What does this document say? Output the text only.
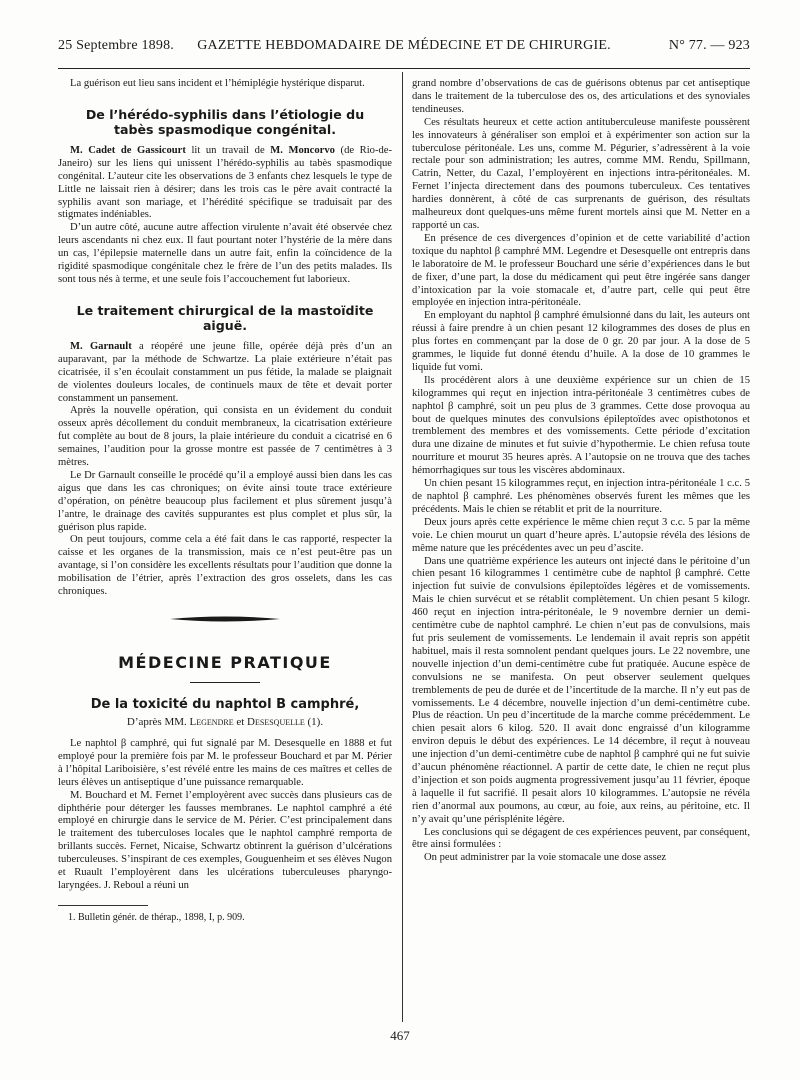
25 Septembre 1898.	GAZETTE HEBDOMADAIRE DE MÉDECINE ET DE CHIRURGIE.	N° 77. — 923

La guérison eut lieu sans incident et l’hémiplégie hystérique disparut.

De l’hérédo-syphilis dans l’étiologie du tabès spasmodique congénital.

M. Cadet de Gassicourt lit un travail de M. Moncorvo (de Rio-de-Janeiro) sur les liens qui unissent l’hérédo-syphilis au tabès spasmodique congénital. L’auteur cite les observations de 3 enfants chez lesquels le type de Little ne laissait rien à désirer; dans les trois cas le père avait contracté la syphilis avant son mariage, et l’hérédité spécifique se traduisait par des stigmates indéniables.

D’un autre côté, aucune autre affection virulente n’avait été observée chez leurs ascendants ni chez eux. Il faut pourtant noter l’hystérie de la mère dans un cas, l’épilepsie maternelle dans un autre fait, enfin la coïncidence de la rigidité spasmodique congénitale chez le frère de l’un des petits malades. Ils sont tous nés à terme, et une seule fois l’accouchement fut laborieux.

Le traitement chirurgical de la mastoïdite aiguë.

M. Garnault a réopéré une jeune fille, opérée déjà près d’un an auparavant, par la méthode de Schwartze. La plaie extérieure n’était pas cicatrisée, il s’en écoulait constamment un pus fétide, la malade se plaignait de violentes douleurs locales, de continuels maux de tête et devait porter constamment un pansement.

Après la nouvelle opération, qui consista en un évidement du conduit osseux après décollement du conduit membraneux, la cicatrisation extérieure fut complète au bout de 8 jours, la plaie intérieure du conduit a cicatrisé en 6 semaines, l’audition pour la grosse montre est passée de 7 centimètres à 3 mètres.

Le Dr Garnault conseille le procédé qu’il a employé aussi bien dans les cas aigus que dans les cas chroniques; on évite ainsi toute trace extérieure d’opération, on pénètre beaucoup plus facilement et plus sûrement jusqu’à l’antre, le drainage des cavités suppurantes est plus complet et plus sûr, la guérison plus rapide.

On peut toujours, comme cela a été fait dans le cas rapporté, respecter la caisse et les organes de la transmission, mais ce n’est peut-être pas un avantage, si l’on considère les excellents résultats pour l’audition que donne la mobilisation de l’étrier, après l’extraction des gros osselets, dans les cas chroniques.

MÉDECINE PRATIQUE
De la toxicité du naphtol B camphré,
D’après MM. Legendre et Desesquelle (1).

Le naphtol β camphré, qui fut signalé par M. Desesquelle en 1888 et fut employé pour la première fois par M. le professeur Bouchard et par M. Périer à l’hôpital Lariboisière, s’est révélé entre les mains de ces maîtres et celles de leurs élèves un antiseptique d’une puissance remarquable.

M. Bouchard et M. Fernet l’employèrent avec succès dans plusieurs cas de diphthérie pour déterger les fausses membranes. Le naphtol camphré a été employé en chirurgie dans le service de M. Périer. C’est principalement dans le traitement des tuberculoses locales que le naphtol camphré remporta de brillants succès. Fernet, Nicaise, Schwartz obtinrent la guérison d’ulcérations tuberculeuses. S’inspirant de ces exemples, Gouguenheim et ses élèves Nugon et Ruault l’employèrent dans les ulcérations tuberculeuses pharyngo-laryngées. J. Reboul a réuni un

1. Bulletin génér. de thérap., 1898, I, p. 909.

grand nombre d’observations de cas de guérisons obtenus par cet antiseptique dans le traitement de la tuberculose des os, des articulations et des synoviales tendineuses.

Ces résultats heureux et cette action antituberculeuse manifeste poussèrent les innovateurs à généraliser son emploi et à expérimenter son action sur la tuberculose péritonéale. Les uns, comme M. Pégurier, s’adressèrent à la voie rectale pour son administration; les autres, comme MM. Rendu, Spillmann, Catrin, Netter, du Cazal, l’employèrent en injections intra-péritonéales. M. Fernet l’injecta directement dans des poumons tuberculeux. Ces tentatives hardies donnèrent, à côté de cas surprenants de guérison, des résultats malheureux dont quelques-uns même furent mortels ainsi que M. Netter en a rapporté un cas.

En présence de ces divergences d’opinion et de cette variabilité d’action toxique du naphtol β camphré MM. Legendre et Desesquelle ont entrepris dans le laboratoire de M. le professeur Bouchard une série d’expériences dans le but de fixer, d’une part, la dose du médicament qui peut être ingérée sans danger d’intoxication par la voie stomacale et, d’autre part, celle qui peut être employée en injection intra-péritonéale.

En employant du naphtol β camphré émulsionné dans du lait, les auteurs ont réussi à faire prendre à un chien pesant 12 kilogrammes des doses de plus en plus fortes en commençant par la dose de 0 gr. 20 par jour. A la dose de 5 grammes, le liquide fut donné étendu d’huile. A la dose de 10 grammes le liquide fut vomi.

Ils procédèrent alors à une deuxième expérience sur un chien de 15 kilogrammes qui reçut en injection intra-péritonéale 3 centimètres cubes de naphtol β camphré, soit un peu plus de 3 grammes. Cette dose provoqua au bout de quelques minutes des convulsions épileptoïdes avec opisthotonos et tremblement des membres et des vomissements. Cette période d’excitation dura une dizaine de minutes et fut suivie d’hypothermie. Le chien refusa toute nourriture et mourut 35 heures après. A l’autopsie on ne trouva que des taches hémorrhagiques sur tous les viscères abdominaux.

Un chien pesant 15 kilogrammes reçut, en injection intra-péritonéale 1 c.c. 5 de naphtol β camphré. Les phénomènes observés furent les mêmes que les précédents. Mais le chien se rétablit et prit de la nourriture.

Deux jours après cette expérience le même chien reçut 3 c.c. 5 par la même voie. Le chien mourut un quart d’heure après. L’autopsie révéla des lésions de même nature que les précédentes avec un peu d’ascite.

Dans une quatrième expérience les auteurs ont injecté dans le péritoine d’un chien pesant 16 kilogrammes 1 centimètre cube de naphtol β camphré. Cette injection fut suivie de convulsions épileptoïdes légères et de vomissements. Mais le chien survécut et se rétablit complètement. Un chien pesant 5 kilogr. 460 reçut en injection intra-péritonéale, le 9 novembre dernier un demi-centimètre cube de naphtol camphré. Le chien n’eut pas de convulsions, mais fut pris seulement de vomissements. Le lendemain il avait repris son appétit habituel, mais il resta somnolent pendant quelques jours. Le 22 novembre, une nouvelle injection d’un demi-centimètre cube fut pratiquée. Aucune espèce de convulsions ne se manifesta. On peut observer seulement quelques tremblements de peu de durée et de l’incertitude de la marche. Il n’y eut pas de vomissements. Le 4 décembre, nouvelle injection d’un demi-centimètre cube. Plus de réaction. Un peu d’incertitude de la marche comme précédemment. Le chien pesait alors 6 kilog. 520. Il avait donc engraissé d’un kilogramme environ depuis le début des expériences. Le 14 décembre, il reçut à nouveau une injection d’un demi-centimètre cube de naphtol β camphré qui ne fut suivie d’aucun phénomène réactionnel. A partir de cette date, le chien ne reçut plus d’injection et son poids augmenta progressivement jusqu’au 11 février, époque à laquelle il fut sacrifié. Il pesait alors 10 kilogrammes. L’autopsie ne révéla rien d’anormal aux poumons, au cœur, au foie, aux reins, au péritoine, etc. Il n’y avait qu’une périsplénite légère.

Les conclusions qui se dégagent de ces expériences peuvent, par conséquent, être ainsi formulées :

On peut administrer par la voie stomacale une dose assez

467
